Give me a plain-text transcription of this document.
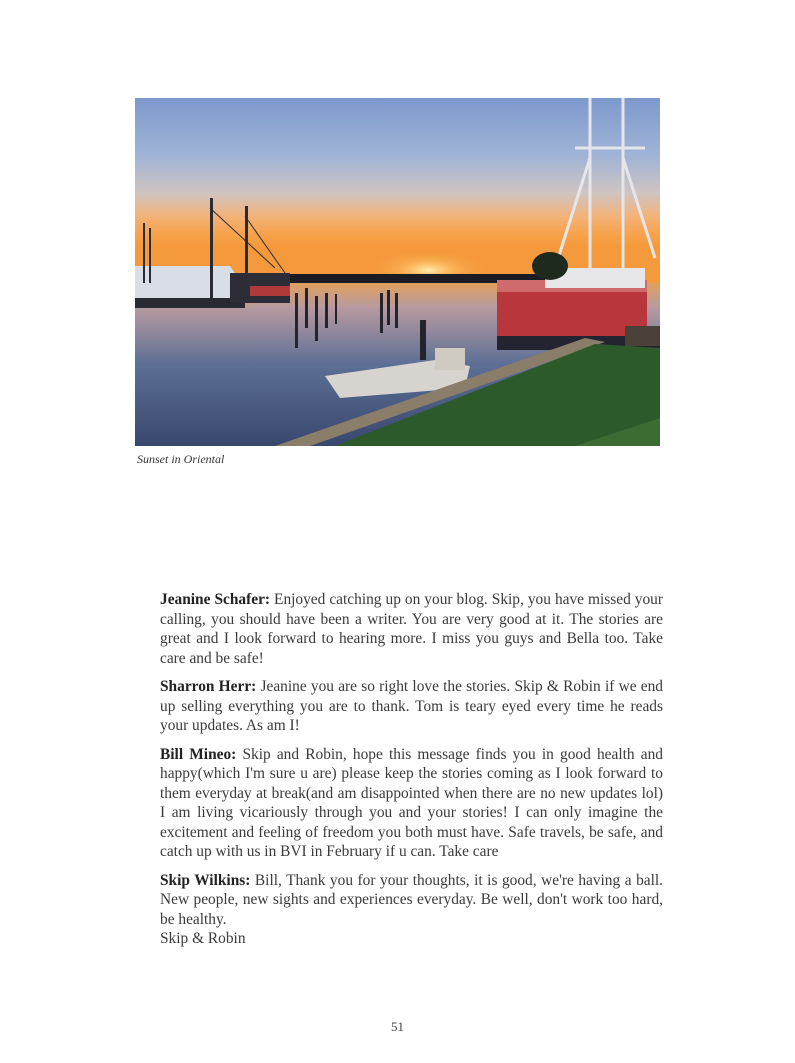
Sunset in Oriental

Jeanine Schafer: Enjoyed catching up on your blog. Skip, you have missed your calling, you should have been a writer. You are very good at it. The stories are great and I look forward to hearing more. I miss you guys and Bella too. Take care and be safe!

Sharron Herr: Jeanine you are so right love the stories. Skip & Robin if we end up selling everything you are to thank. Tom is teary eyed every time he reads your updates. As am I!

Bill Mineo: Skip and Robin, hope this message finds you in good health and happy(which I'm sure u are) please keep the stories coming as I look forward to them everyday at break(and am disappointed when there are no new updates lol) I am living vicariously through you and your stories! I can only imagine the excitement and feeling of freedom you both must have. Safe travels, be safe, and catch up with us in BVI in February if u can. Take care

Skip Wilkins: Bill, Thank you for your thoughts, it is good, we're having a ball. New people, new sights and experiences everyday. Be well, don't work too hard, be healthy.

Skip & Robin
51
